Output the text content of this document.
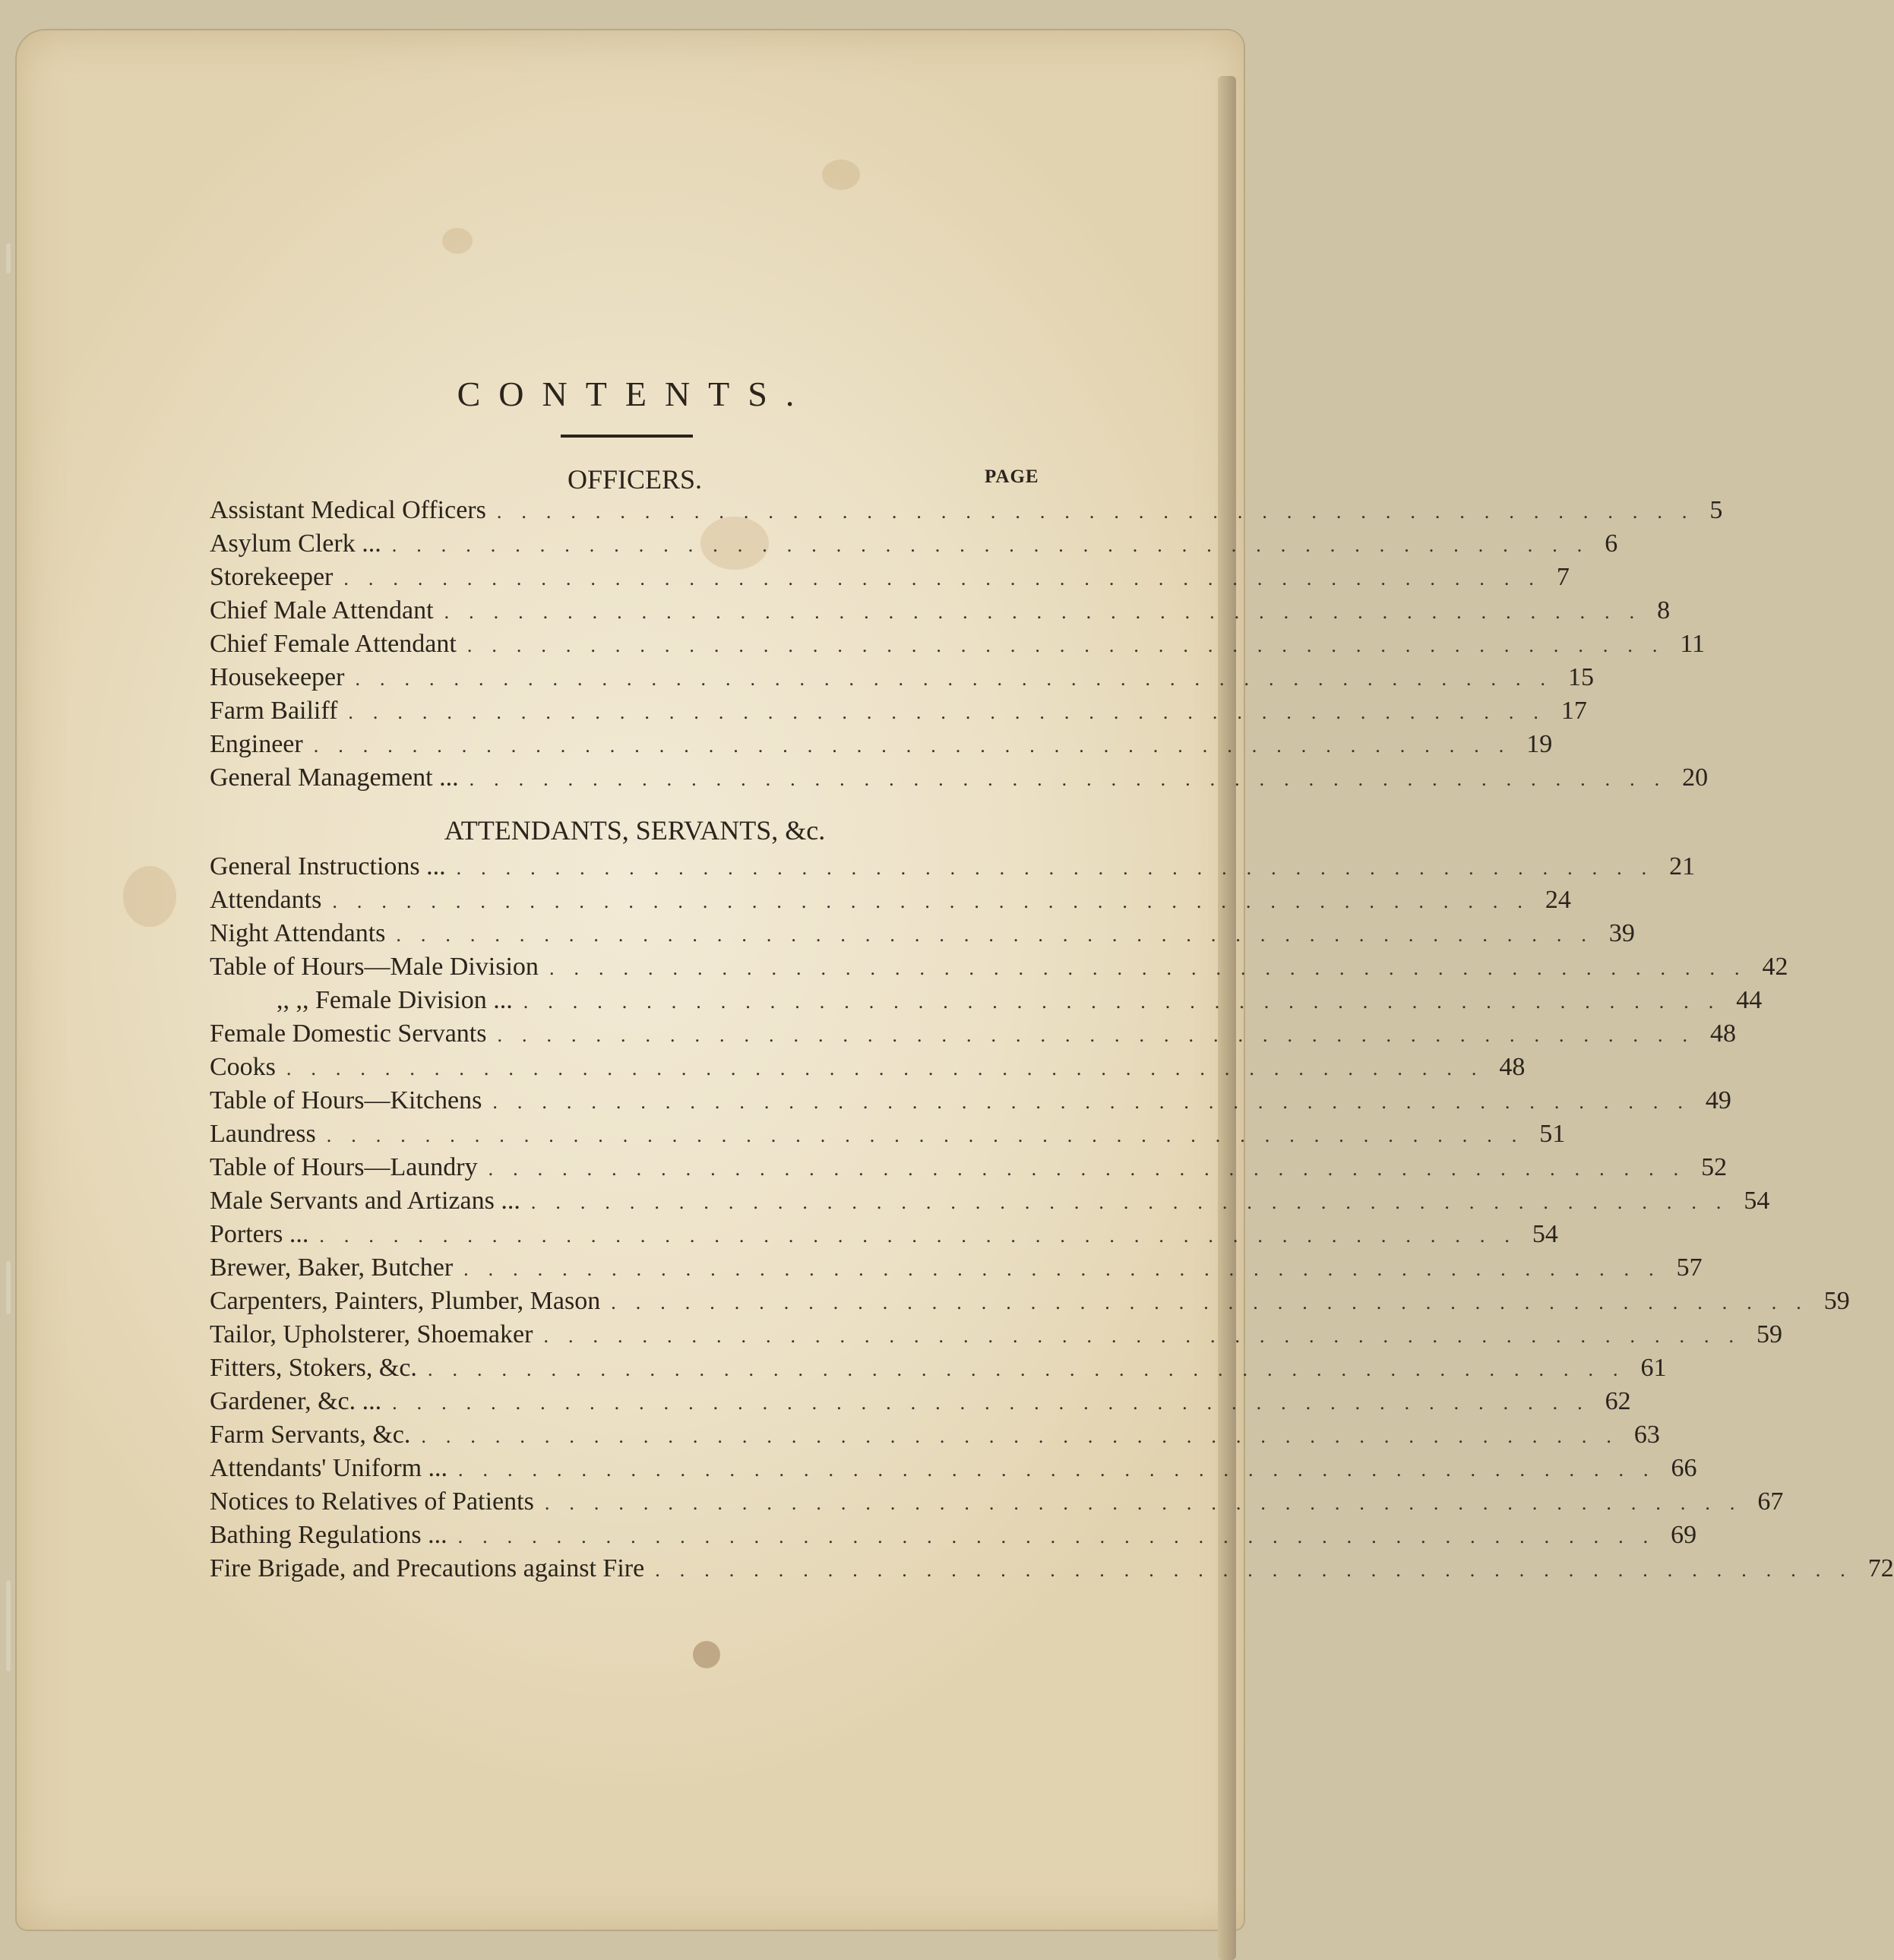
CONTENTS.
OFFICERS.	PAGE
Assistant Medical Officers ................................................. 5
Asylum Clerk ... ................................................. 6
Storekeeper ................................................. 7
Chief Male Attendant ................................................. 8
Chief Female Attendant ................................................. 11
Housekeeper ................................................. 15
Farm Bailiff ................................................. 17
Engineer ................................................. 19
General Management ... ................................................. 20
ATTENDANTS, SERVANTS, &c.
General Instructions ... ................................................. 21
Attendants ................................................. 24
Night Attendants ................................................. 39
Table of Hours—Male Division ................................................. 42
,, ,, Female Division ... ................................................. 44
Female Domestic Servants ................................................. 48
Cooks ................................................. 48
Table of Hours—Kitchens ................................................. 49
Laundress ................................................. 51
Table of Hours—Laundry ................................................. 52
Male Servants and Artizans ... ................................................. 54
Porters ... ................................................. 54
Brewer, Baker, Butcher ................................................. 57
Carpenters, Painters, Plumber, Mason ................................................. 59
Tailor, Upholsterer, Shoemaker ................................................. 59
Fitters, Stokers, &c. ................................................. 61
Gardener, &c. ... ................................................. 62
Farm Servants, &c. ................................................. 63
Attendants' Uniform ... ................................................. 66
Notices to Relatives of Patients ................................................. 67
Bathing Regulations ... ................................................. 69
Fire Brigade, and Precautions against Fire ................................................. 72
